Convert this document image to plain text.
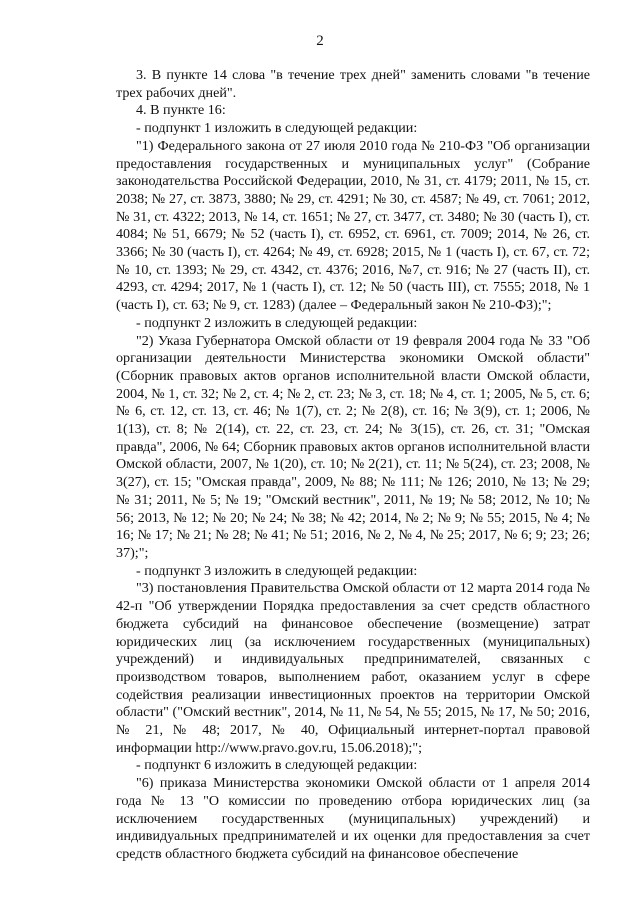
2

3. В пункте 14 слова "в течение трех дней" заменить словами "в течение трех рабочих дней".

4. В пункте 16:

- подпункт 1 изложить в следующей редакции:

"1) Федерального закона от 27 июля 2010 года № 210-ФЗ "Об организации предоставления государственных и муниципальных услуг" (Собрание законодательства Российской Федерации, 2010, № 31, ст. 4179; 2011, № 15, ст. 2038; № 27, ст. 3873, 3880; № 29, ст. 4291; № 30, ст. 4587; № 49, ст. 7061; 2012, № 31, ст. 4322; 2013, № 14, ст. 1651; № 27, ст. 3477, ст. 3480; № 30 (часть I), ст. 4084; № 51, 6679; № 52 (часть I), ст. 6952, ст. 6961, ст. 7009; 2014, № 26, ст. 3366; № 30 (часть I), ст. 4264; № 49, ст. 6928; 2015, № 1 (часть I), ст. 67, ст. 72; № 10, ст. 1393; № 29, ст. 4342, ст. 4376; 2016, №7, ст. 916; № 27 (часть II), ст. 4293, ст. 4294; 2017, № 1 (часть I), ст. 12; № 50 (часть III), ст. 7555; 2018, № 1 (часть I), ст. 63; № 9, ст. 1283) (далее – Федеральный закон № 210-ФЗ);";

- подпункт 2 изложить в следующей редакции:

"2) Указа Губернатора Омской области от 19 февраля 2004 года № 33 "Об организации деятельности Министерства экономики Омской области" (Сборник правовых актов органов исполнительной власти Омской области, 2004, № 1, ст. 32; № 2, ст. 4; № 2, ст. 23; № 3, ст. 18; № 4, ст. 1; 2005, № 5, ст. 6; № 6, ст. 12, ст. 13, ст. 46; № 1(7), ст. 2; № 2(8), ст. 16; № 3(9), ст. 1; 2006, № 1(13), ст. 8; № 2(14), ст. 22, ст. 23, ст. 24; № 3(15), ст. 26, ст. 31; "Омская правда", 2006, № 64; Сборник правовых актов органов исполнительной власти Омской области, 2007, № 1(20), ст. 10; № 2(21), ст. 11; № 5(24), ст. 23; 2008, № 3(27), ст. 15; "Омская правда", 2009, № 88; № 111; № 126; 2010, № 13; № 29; № 31; 2011, № 5; № 19; "Омский вестник", 2011, № 19; № 58; 2012, № 10; № 56; 2013, № 12; № 20; № 24; № 38; № 42; 2014, № 2; № 9; № 55; 2015, № 4; № 16; № 17; № 21; № 28; № 41; № 51; 2016, № 2, № 4, № 25; 2017, № 6; 9; 23; 26; 37);";

- подпункт 3 изложить в следующей редакции:

"3) постановления Правительства Омской области от 12 марта 2014 года № 42-п "Об утверждении Порядка предоставления за счет средств областного бюджета субсидий на финансовое обеспечение (возмещение) затрат юридических лиц (за исключением государственных (муниципальных) учреждений) и индивидуальных предпринимателей, связанных с производством товаров, выполнением работ, оказанием услуг в сфере содействия реализации инвестиционных проектов на территории Омской области" ("Омский вестник", 2014, № 11, № 54, № 55; 2015, № 17, № 50; 2016, № 21, № 48; 2017, № 40, Официальный интернет-портал правовой информации http://www.pravo.gov.ru, 15.06.2018);";

- подпункт 6 изложить в следующей редакции:

"6) приказа Министерства экономики Омской области от 1 апреля 2014 года № 13 "О комиссии по проведению отбора юридических лиц (за исключением государственных (муниципальных) учреждений) и индивидуальных предпринимателей и их оценки для предоставления за счет средств областного бюджета субсидий на финансовое обеспечение
